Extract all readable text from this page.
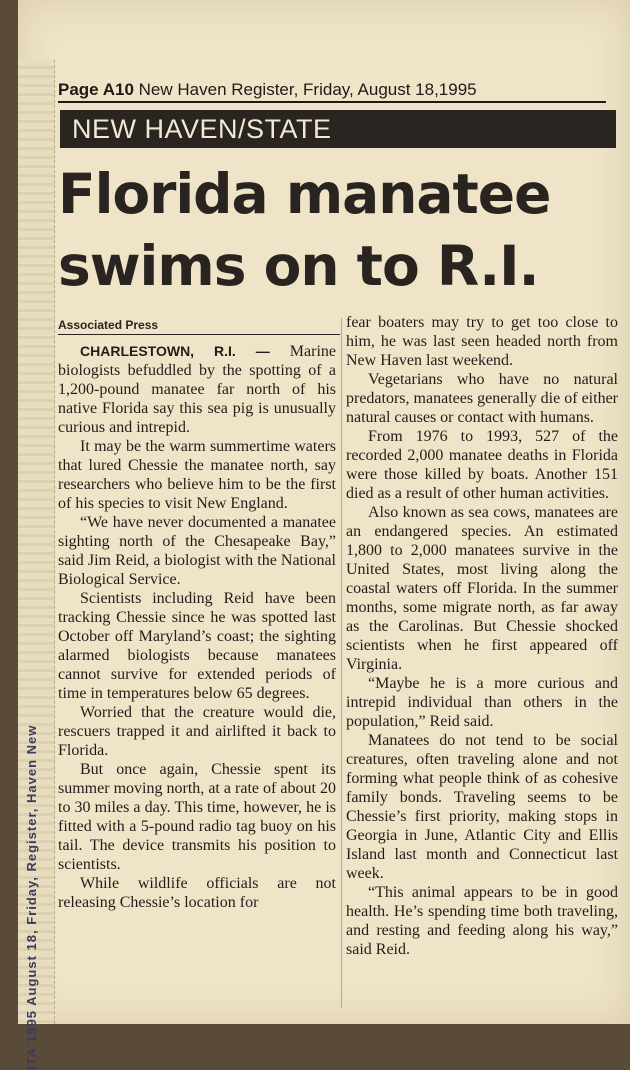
ITA 1995 August 18, Friday, Register, Haven New
Page A10 New Haven Register, Friday, August 18,1995
NEW HAVEN/STATE
Florida manatee
swims on to R.I.
Associated Press

CHARLESTOWN, R.I. — Marine biologists befuddled by the spotting of a 1,200-pound manatee far north of his native Florida say this sea pig is unusually curious and intrepid.

It may be the warm summertime waters that lured Chessie the manatee north, say researchers who believe him to be the first of his species to visit New England.

“We have never documented a manatee sighting north of the Chesapeake Bay,” said Jim Reid, a biologist with the National Biological Service.

Scientists including Reid have been tracking Chessie since he was spotted last October off Maryland’s coast; the sighting alarmed biologists because manatees cannot survive for extended periods of time in temperatures below 65 degrees.

Worried that the creature would die, rescuers trapped it and airlifted it back to Florida.

But once again, Chessie spent its summer moving north, at a rate of about 20 to 30 miles a day. This time, however, he is fitted with a 5-pound radio tag buoy on his tail. The device transmits his position to scientists.

While wildlife officials are not releasing Chessie’s location for

fear boaters may try to get too close to him, he was last seen headed north from New Haven last weekend.

Vegetarians who have no natural predators, manatees generally die of either natural causes or contact with humans.

From 1976 to 1993, 527 of the recorded 2,000 manatee deaths in Florida were those killed by boats. Another 151 died as a result of other human activities.

Also known as sea cows, manatees are an endangered species. An estimated 1,800 to 2,000 manatees survive in the United States, most living along the coastal waters off Florida. In the summer months, some migrate north, as far away as the Carolinas. But Chessie shocked scientists when he first appeared off Virginia.

“Maybe he is a more curious and intrepid individual than others in the population,” Reid said.

Manatees do not tend to be social creatures, often traveling alone and not forming what people think of as cohesive family bonds. Traveling seems to be Chessie’s first priority, making stops in Georgia in June, Atlantic City and Ellis Island last month and Connecticut last week.

“This animal appears to be in good health. He’s spending time both traveling, and resting and feeding along his way,” said Reid.
